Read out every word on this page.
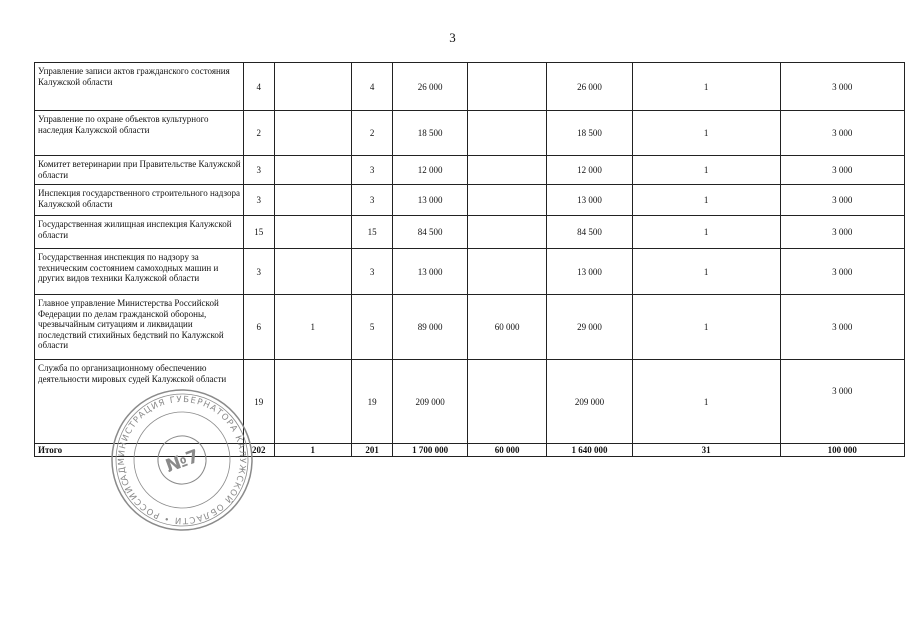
3
Управление записи актов гражданского состояния Калужской области	4		4	26 000		26 000	1	3 000
Управление по охране объектов культурного наследия Калужской области	2		2	18 500		18 500	1	3 000
Комитет ветеринарии при Правительстве Калужской области	3		3	12 000		12 000	1	3 000
Инспекция государственного строительного надзора Калужской области	3		3	13 000		13 000	1	3 000
Государственная жилищная инспекция Калужской области	15		15	84 500		84 500	1	3 000
Государственная инспекция по надзору за техническим состоянием самоходных машин и других видов техники Калужской области	3		3	13 000		13 000	1	3 000
Главное управление Министерства Российской Федерации по делам гражданской обороны, чрезвычайным ситуациям и ликвидации последствий стихийных бедствий по Калужской области	6	1	5	89 000	60 000	29 000	1	3 000
Служба по организационному обеспечению деятельности мировых судей Калужской области	19		19	209 000		209 000	1	3 000
Итого	202	1	201	1 700 000	60 000	1 640 000	31	100 000
АДМИНИСТРАЦИЯ ГУБЕРНАТОРА КАЛУЖСКОЙ ОБЛАСТИ • РОССИЙСКАЯ
№7
